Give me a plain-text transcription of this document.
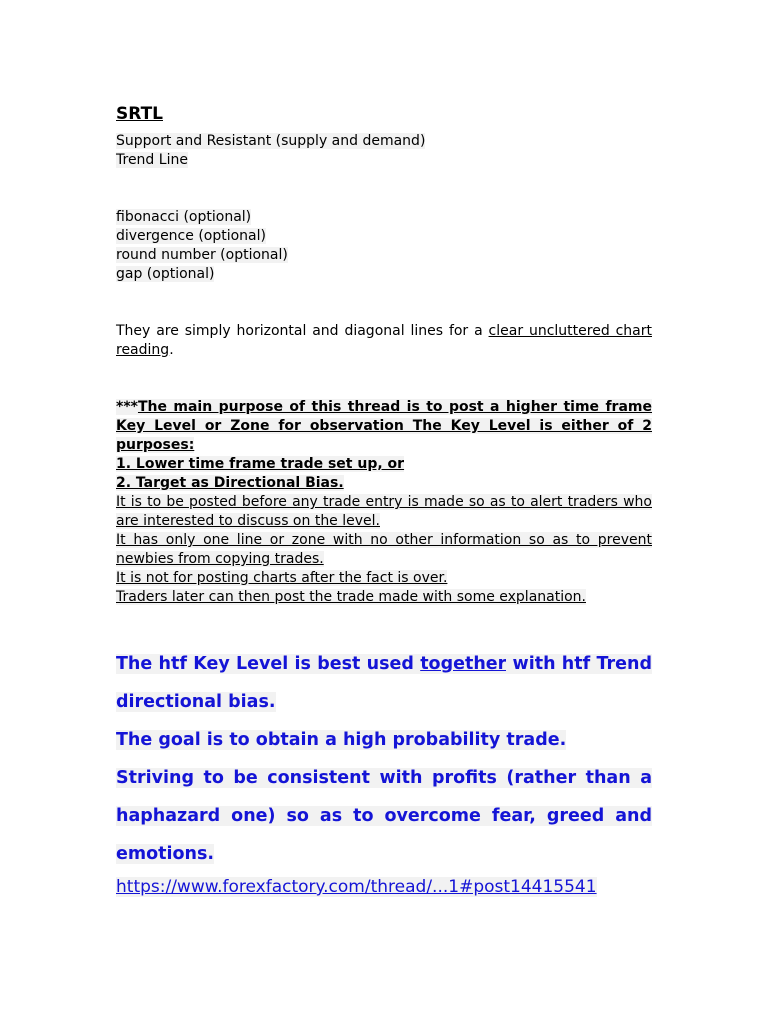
SRTL

Support and Resistant (supply and demand)

Trend Line

fibonacci (optional)

divergence (optional)

round number (optional)

gap (optional)

They are simply horizontal and diagonal lines for a clear uncluttered chart reading.

***The main purpose of this thread is to post a higher time frame Key Level or Zone for observation The Key Level is either of 2 purposes:

1. Lower time frame trade set up, or

2. Target as Directional Bias.

It is to be posted before any trade entry is made so as to alert traders who are interested to discuss on the level.

It has only one line or zone with no other information so as to prevent newbies from copying trades.

It is not for posting charts after the fact is over.

Traders later can then post the trade made with some explanation.

The htf Key Level is best used together with htf Trend directional bias.

The goal is to obtain a high probability trade.

Striving to be consistent with profits (rather than a haphazard one) so as to overcome fear, greed and emotions.

https://www.forexfactory.com/thread/...1#post14415541
